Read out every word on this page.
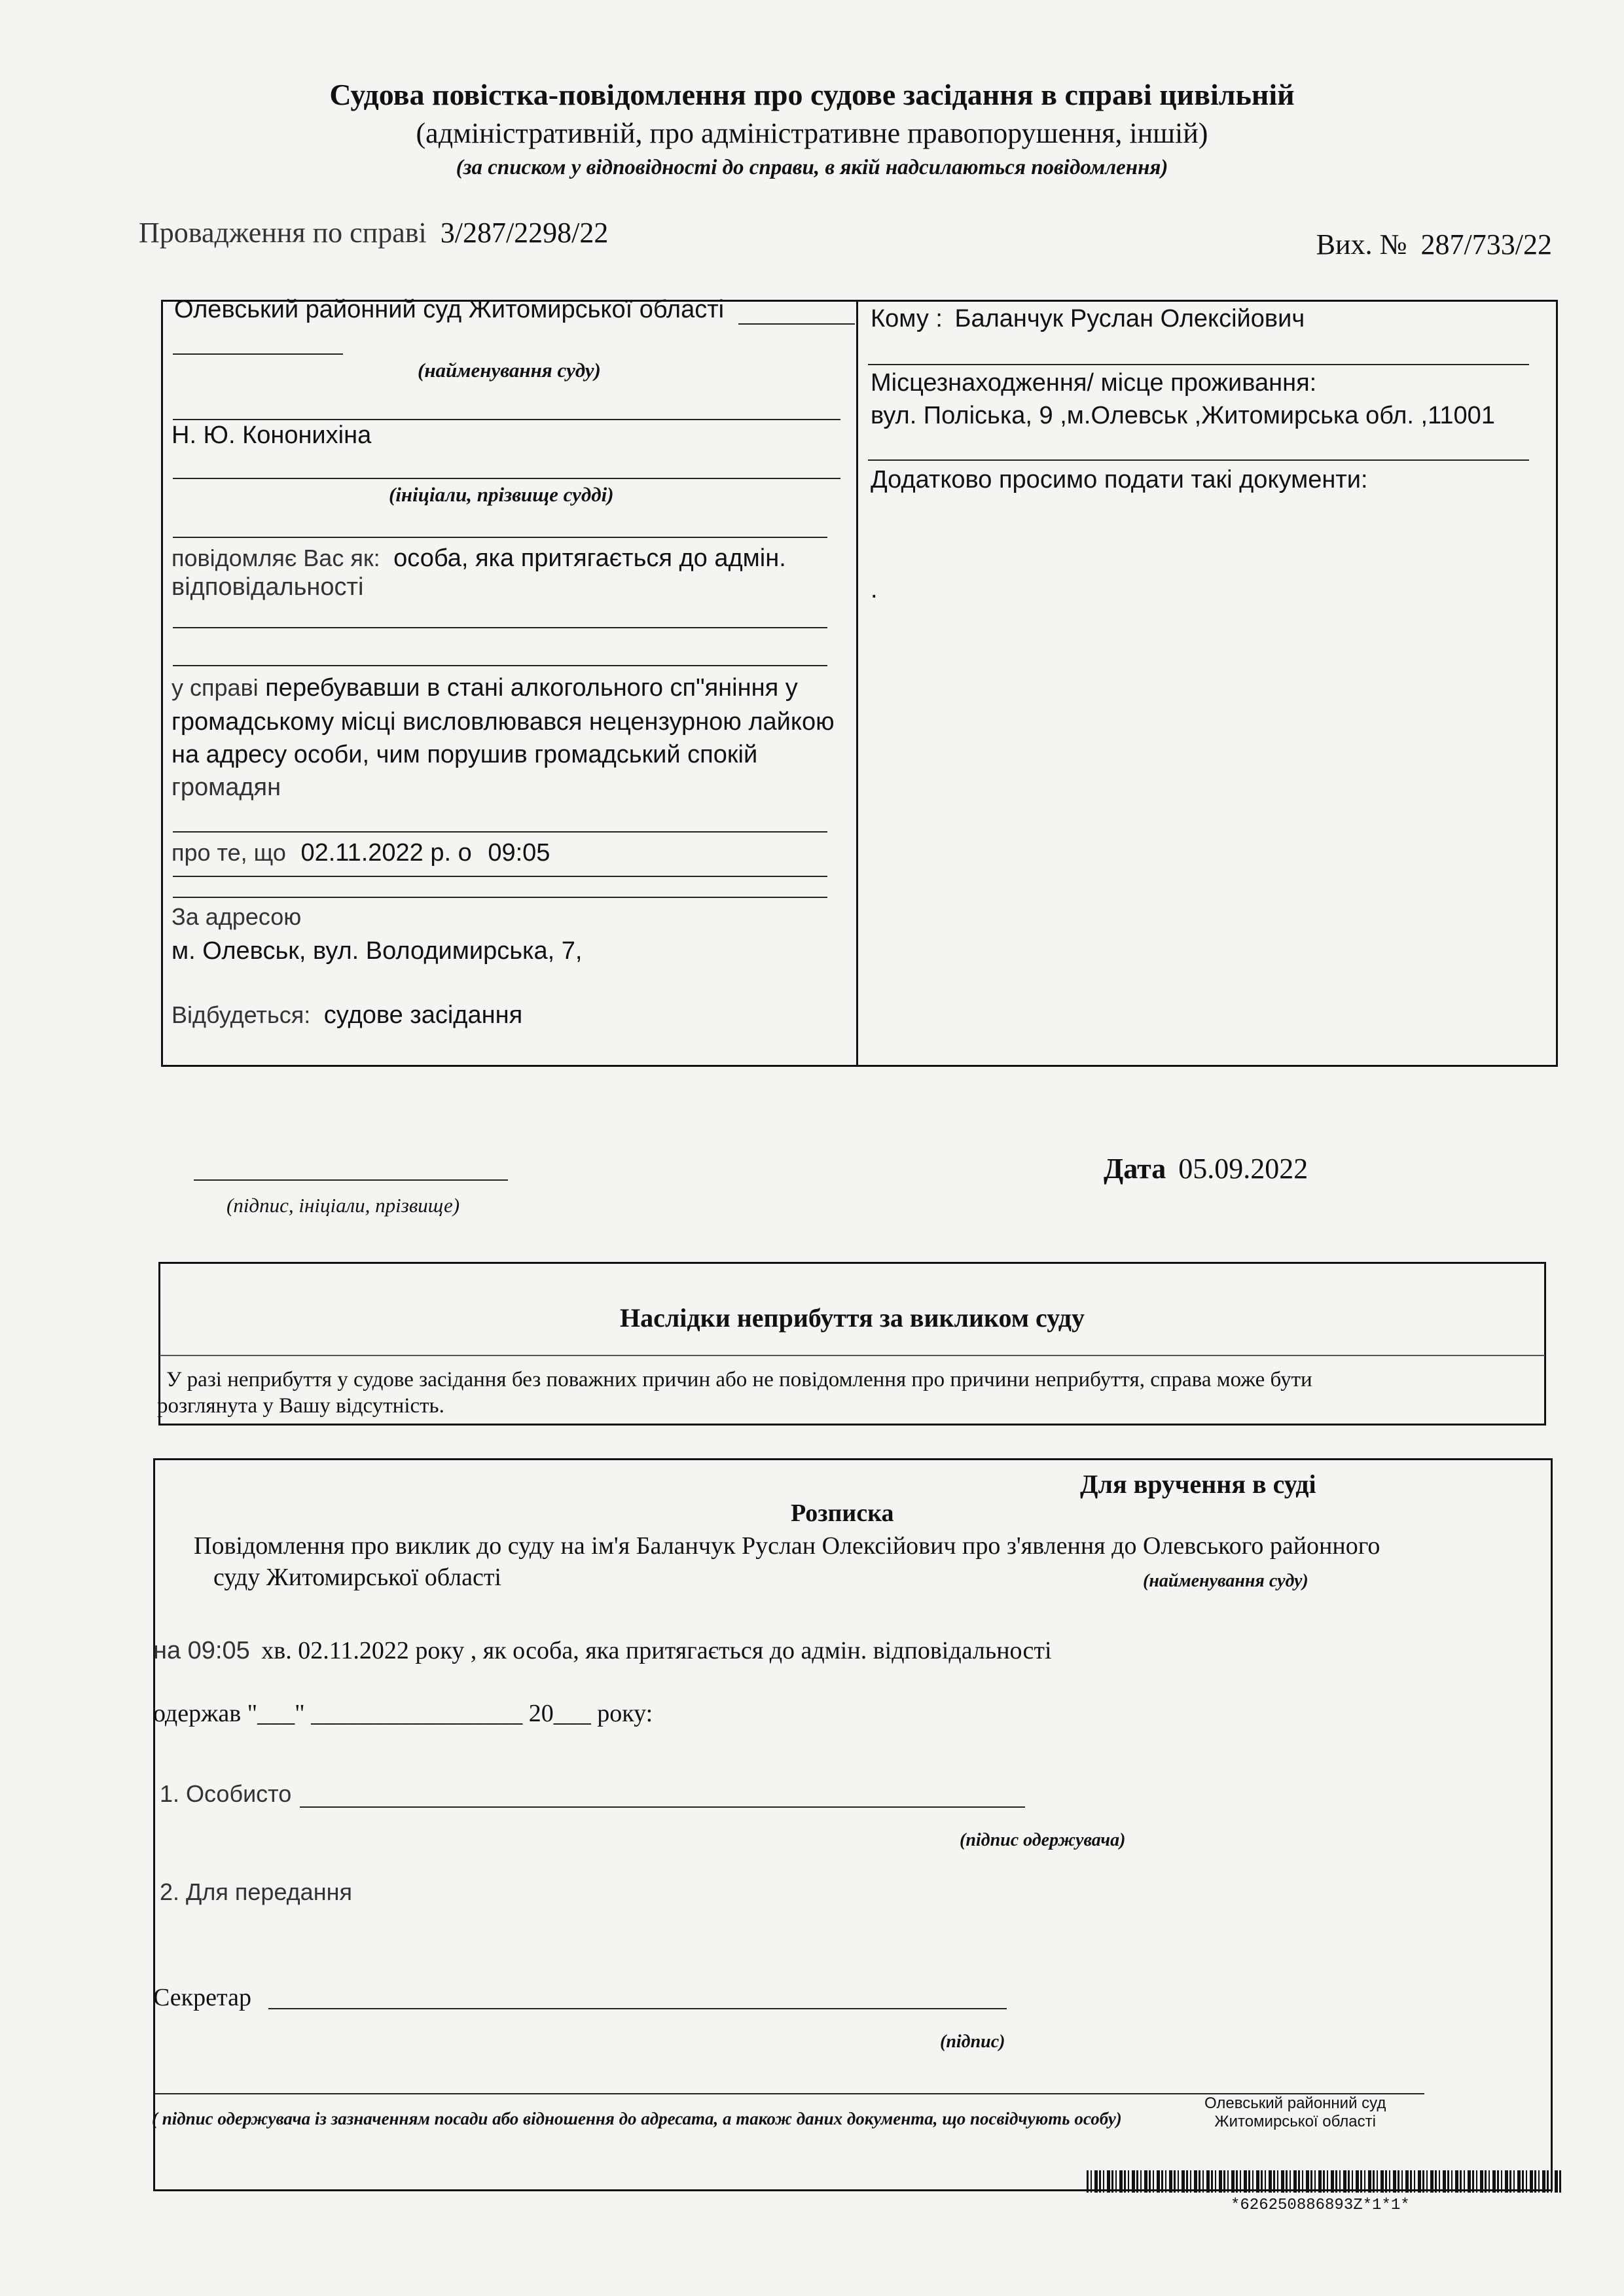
Судова повістка-повідомлення про судове засідання в справі цивільній
(адміністративній, про адміністративне правопорушення, іншій)
(за списком у відповідності до справи, в якій надсилаються повідомлення)
Провадження по справі 3/287/2298/22	Вих. № 287/733/22
Олевський районний суд Житомирської області
(найменування суду)
Н. Ю. Кононихіна
(ініціали, прізвище судді)
повідомляє Вас як: особа, яка притягається до адмін.
відповідальності
у справі перебувавши в стані алкогольного сп"яніння у
громадському місці висловлювався нецензурною лайкою
на адресу особи, чим порушив громадський спокій
громадян
про те, що 02.11.2022 р. о 09:05
За адресою
м. Олевськ, вул. Володимирська, 7,
Відбудеться: судове засідання
Кому : Баланчук Руслан Олексійович
Місцезнаходження/ місце проживання:
вул. Поліська, 9 ,м.Олевськ ,Житомирська обл. ,11001
Додатково просимо подати такі документи:
.
(підпис, ініціали, прізвище)
Дата 05.09.2022
Наслідки неприбуття за викликом суду
У разі неприбуття у судове засідання без поважних причин або не повідомлення про причини неприбуття, справа може бути
розглянута у Вашу відсутність.
Для вручення в суді
Розписка
Повідомлення про виклик до суду на ім'я Баланчук Руслан Олексійович про з'явлення до Олевського районного
суду Житомирської області	(найменування суду)
на 09:05 хв. 02.11.2022 року , як особа, яка притягається до адмін. відповідальності
одержав "___" _________________ 20___ року:
1. Особисто
(підпис одержувача)
2. Для передання
Секретар
(підпис)
( підпис одержувача із зазначенням посади або відношення до адресата, а також даних документа, що посвідчують особу)
Олевський районний суд
Житомирської області
*626250886893Z*1*1*
